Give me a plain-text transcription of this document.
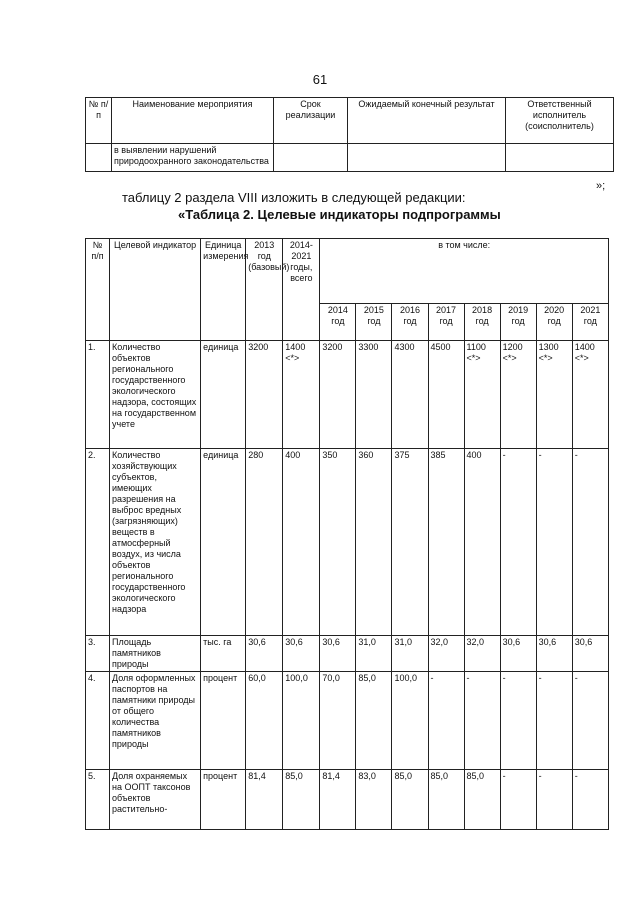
61
№ п/п	Наименование мероприятия	Срок реализации	Ожидаемый конечный результат	Ответственный исполнитель (соисполнитель)
	в выявлении нарушений природоохранного законодательства			
»;
таблицу 2 раздела VIII изложить в следующей редакции:
«Таблица 2. Целевые индикаторы подпрограммы
№ п/п	Целевой индикатор	Единица измерения	2013 год (базовый)	2014-2021 годы, всего	в том числе:							
					2014 год	2015 год	2016 год	2017 год	2018 год	2019 год	2020 год	2021 год
1.	Количество объектов регионального государственного экологического надзора, состоящих на государственном учете	единица	3200	1400 <*>	3200	3300	4300	4500	1100 <*>	1200 <*>	1300 <*>	1400 <*>
2.	Количество хозяйствующих субъектов, имеющих разрешения на выброс вредных (загрязняющих) веществ в атмосферный воздух, из числа объектов регионального государственного экологического надзора	единица	280	400	350	360	375	385	400	-	-	-
3.	Площадь памятников природы	тыс. га	30,6	30,6	30,6	31,0	31,0	32,0	32,0	30,6	30,6	30,6
4.	Доля оформленных паспортов на памятники природы от общего количества памятников природы	процент	60,0	100,0	70,0	85,0	100,0	-	-	-	-	-
5.	Доля охраняемых на ООПТ таксонов объектов растительно-	процент	81,4	85,0	81,4	83,0	85,0	85,0	85,0	-	-	-
